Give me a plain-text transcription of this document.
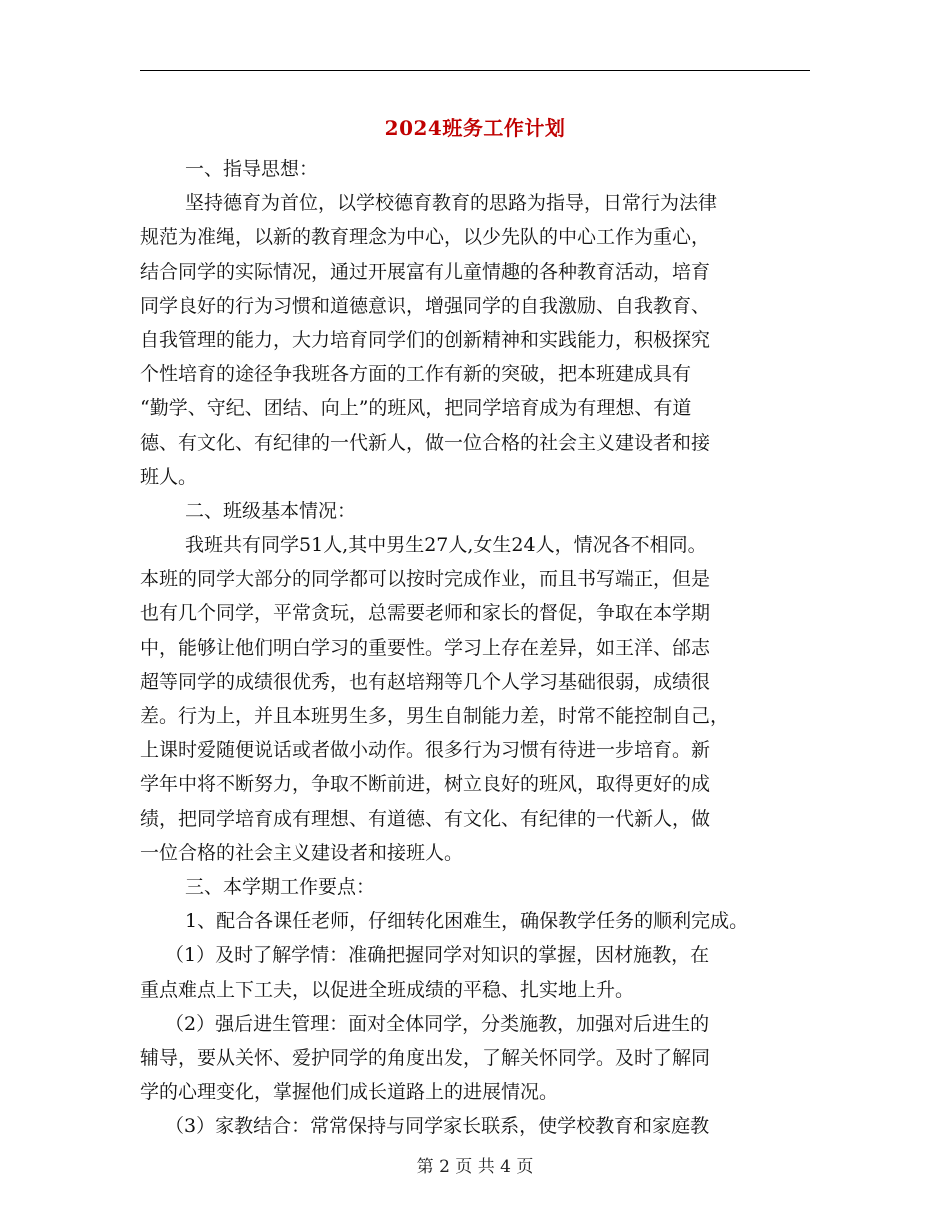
2024班务工作计划
一、指导思想：
坚持德育为首位，以学校德育教育的思路为指导，日常行为法律
规范为准绳，以新的教育理念为中心，以少先队的中心工作为重心，
结合同学的实际情况，通过开展富有儿童情趣的各种教育活动，培育
同学良好的行为习惯和道德意识，增强同学的自我激励、自我教育、
自我管理的能力，大力培育同学们的创新精神和实践能力，积极探究
个性培育的途径争我班各方面的工作有新的突破，把本班建成具有
“勤学、守纪、团结、向上”的班风，把同学培育成为有理想、有道
德、有文化、有纪律的一代新人，做一位合格的社会主义建设者和接
班人。
二、班级基本情况：
我班共有同学51人,其中男生27人,女生24人，情况各不相同。
本班的同学大部分的同学都可以按时完成作业，而且书写端正，但是
也有几个同学，平常贪玩，总需要老师和家长的督促，争取在本学期
中，能够让他们明白学习的重要性。学习上存在差异，如王洋、邰志
超等同学的成绩很优秀，也有赵培翔等几个人学习基础很弱，成绩很
差。行为上，并且本班男生多，男生自制能力差，时常不能控制自己，
上课时爱随便说话或者做小动作。很多行为习惯有待进一步培育。新
学年中将不断努力，争取不断前进，树立良好的班风，取得更好的成
绩，把同学培育成有理想、有道德、有文化、有纪律的一代新人，做
一位合格的社会主义建设者和接班人。
三、本学期工作要点：
1、配合各课任老师，仔细转化困难生，确保教学任务的顺利完成。
（1）及时了解学情：准确把握同学对知识的掌握，因材施教，在
重点难点上下工夫，以促进全班成绩的平稳、扎实地上升。
（2）强后进生管理：面对全体同学，分类施教，加强对后进生的
辅导，要从关怀、爱护同学的角度出发，了解关怀同学。及时了解同
学的心理变化，掌握他们成长道路上的进展情况。
（3）家教结合：常常保持与同学家长联系，使学校教育和家庭教
第 2 页 共 4 页
